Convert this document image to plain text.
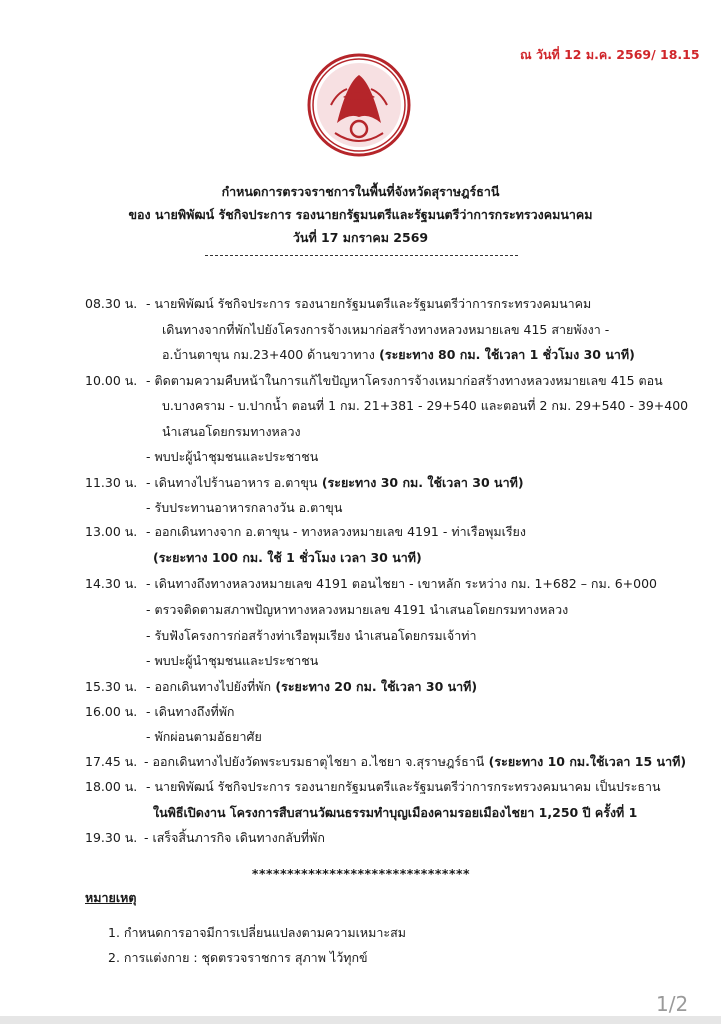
ณ วันที่ 12 ม.ค. 2569/ 18.15
กำหนดการตรวจราชการในพื้นที่จังหวัดสุราษฎร์ธานี
ของ นายพิพัฒน์ รัชกิจประการ รองนายกรัฐมนตรีและรัฐมนตรีว่าการกระทรวงคมนาคม
วันที่ 17 มกราคม 2569
08.30 น. - นายพิพัฒน์ รัชกิจประการ รองนายกรัฐมนตรีและรัฐมนตรีว่าการกระทรวงคมนาคม
เดินทางจากที่พักไปยังโครงการจ้างเหมาก่อสร้างทางหลวงหมายเลข 415 สายพังงา -
อ.บ้านตาขุน กม.23+400 ด้านขวาทาง (ระยะทาง 80 กม. ใช้เวลา 1 ชั่วโมง 30 นาที)
10.00 น. - ติดตามความคืบหน้าในการแก้ไขปัญหาโครงการจ้างเหมาก่อสร้างทางหลวงหมายเลข 415 ตอน
บ.บางคราม - บ.ปากน้ำ ตอนที่ 1 กม. 21+381 - 29+540 และตอนที่ 2 กม. 29+540 - 39+400
นำเสนอโดยกรมทางหลวง
- พบปะผู้นำชุมชนและประชาชน
11.30 น. - เดินทางไปร้านอาหาร อ.ตาขุน (ระยะทาง 30 กม. ใช้เวลา 30 นาที)
- รับประทานอาหารกลางวัน อ.ตาขุน
13.00 น. - ออกเดินทางจาก อ.ตาขุน - ทางหลวงหมายเลข 4191 - ท่าเรือพุมเรียง
(ระยะทาง 100 กม. ใช้ 1 ชั่วโมง เวลา 30 นาที)
14.30 น. - เดินทางถึงทางหลวงหมายเลข 4191 ตอนไชยา - เขาหลัก ระหว่าง กม. 1+682 – กม. 6+000
- ตรวจติดตามสภาพปัญหาทางหลวงหมายเลข 4191 นำเสนอโดยกรมทางหลวง
- รับฟังโครงการก่อสร้างท่าเรือพุมเรียง นำเสนอโดยกรมเจ้าท่า
- พบปะผู้นำชุมชนและประชาชน
15.30 น. - ออกเดินทางไปยังที่พัก (ระยะทาง 20 กม. ใช้เวลา 30 นาที)
16.00 น. - เดินทางถึงที่พัก
- พักผ่อนตามอัธยาศัย
17.45 น. - ออกเดินทางไปยังวัดพระบรมธาตุไชยา อ.ไชยา จ.สุราษฎร์ธานี (ระยะทาง 10 กม.ใช้เวลา 15 นาที)
18.00 น. - นายพิพัฒน์ รัชกิจประการ รองนายกรัฐมนตรีและรัฐมนตรีว่าการกระทรวงคมนาคม เป็นประธาน
ในพิธีเปิดงาน โครงการสืบสานวัฒนธรรมทำบุญเมืองคามรอยเมืองไชยา 1,250 ปี ครั้งที่ 1
19.30 น. - เสร็จสิ้นภารกิจ เดินทางกลับที่พัก
*******************************
หมายเหตุ
1. กำหนดการอาจมีการเปลี่ยนแปลงตามความเหมาะสม
2. การแต่งกาย : ชุดตรวจราชการ สุภาพ ไว้ทุกข์
1/2
